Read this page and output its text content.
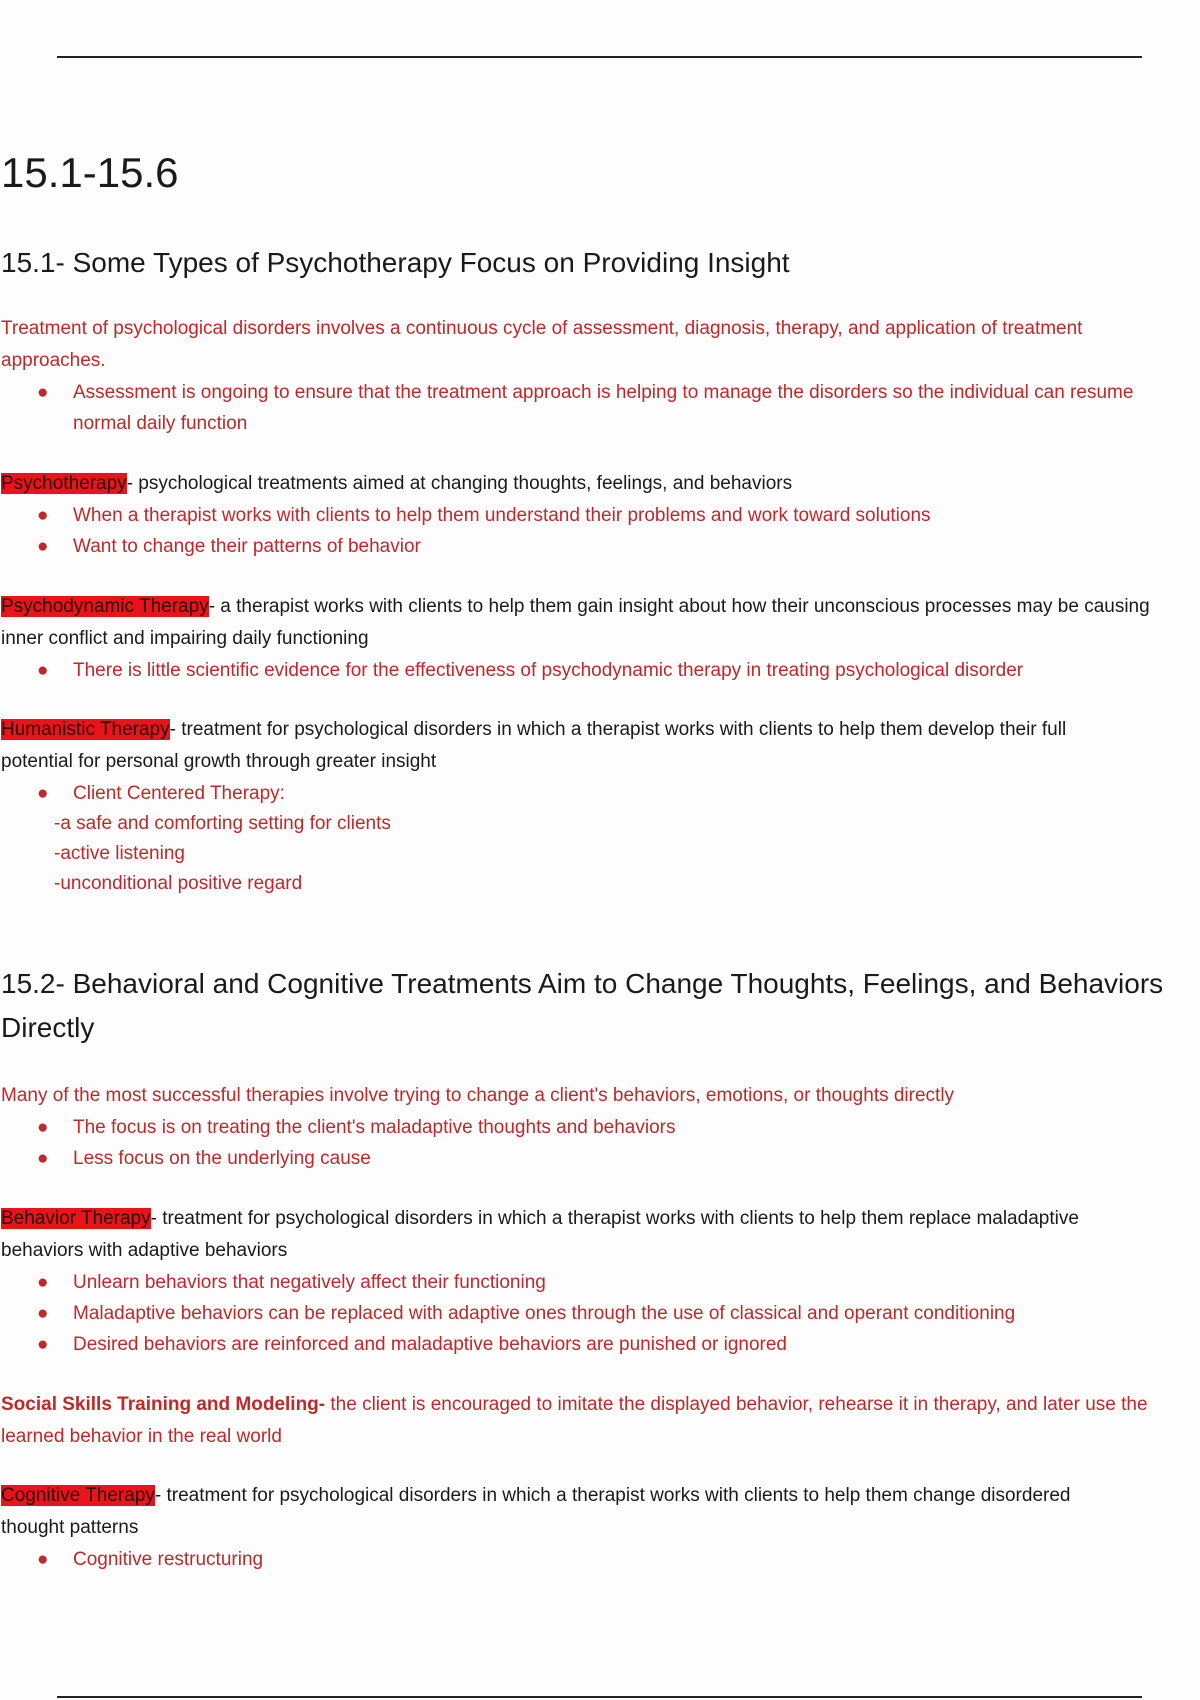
15.1-15.6
15.1- Some Types of Psychotherapy Focus on Providing Insight
Treatment of psychological disorders involves a continuous cycle of assessment, diagnosis, therapy, and application of treatment
approaches.
● Assessment is ongoing to ensure that the treatment approach is helping to manage the disorders so the individual can resume
normal daily function
Psychotherapy- psychological treatments aimed at changing thoughts, feelings, and behaviors
● When a therapist works with clients to help them understand their problems and work toward solutions
● Want to change their patterns of behavior
Psychodynamic Therapy- a therapist works with clients to help them gain insight about how their unconscious processes may be causing
inner conflict and impairing daily functioning
● There is little scientific evidence for the effectiveness of psychodynamic therapy in treating psychological disorder
Humanistic Therapy- treatment for psychological disorders in which a therapist works with clients to help them develop their full
potential for personal growth through greater insight
● Client Centered Therapy:
-a safe and comforting setting for clients
-active listening
-unconditional positive regard
15.2- Behavioral and Cognitive Treatments Aim to Change Thoughts, Feelings, and Behaviors
Directly
Many of the most successful therapies involve trying to change a client's behaviors, emotions, or thoughts directly
● The focus is on treating the client's maladaptive thoughts and behaviors
● Less focus on the underlying cause
Behavior Therapy- treatment for psychological disorders in which a therapist works with clients to help them replace maladaptive
behaviors with adaptive behaviors
● Unlearn behaviors that negatively affect their functioning
● Maladaptive behaviors can be replaced with adaptive ones through the use of classical and operant conditioning
● Desired behaviors are reinforced and maladaptive behaviors are punished or ignored
Social Skills Training and Modeling- the client is encouraged to imitate the displayed behavior, rehearse it in therapy, and later use the
learned behavior in the real world
Cognitive Therapy- treatment for psychological disorders in which a therapist works with clients to help them change disordered
thought patterns
● Cognitive restructuring
